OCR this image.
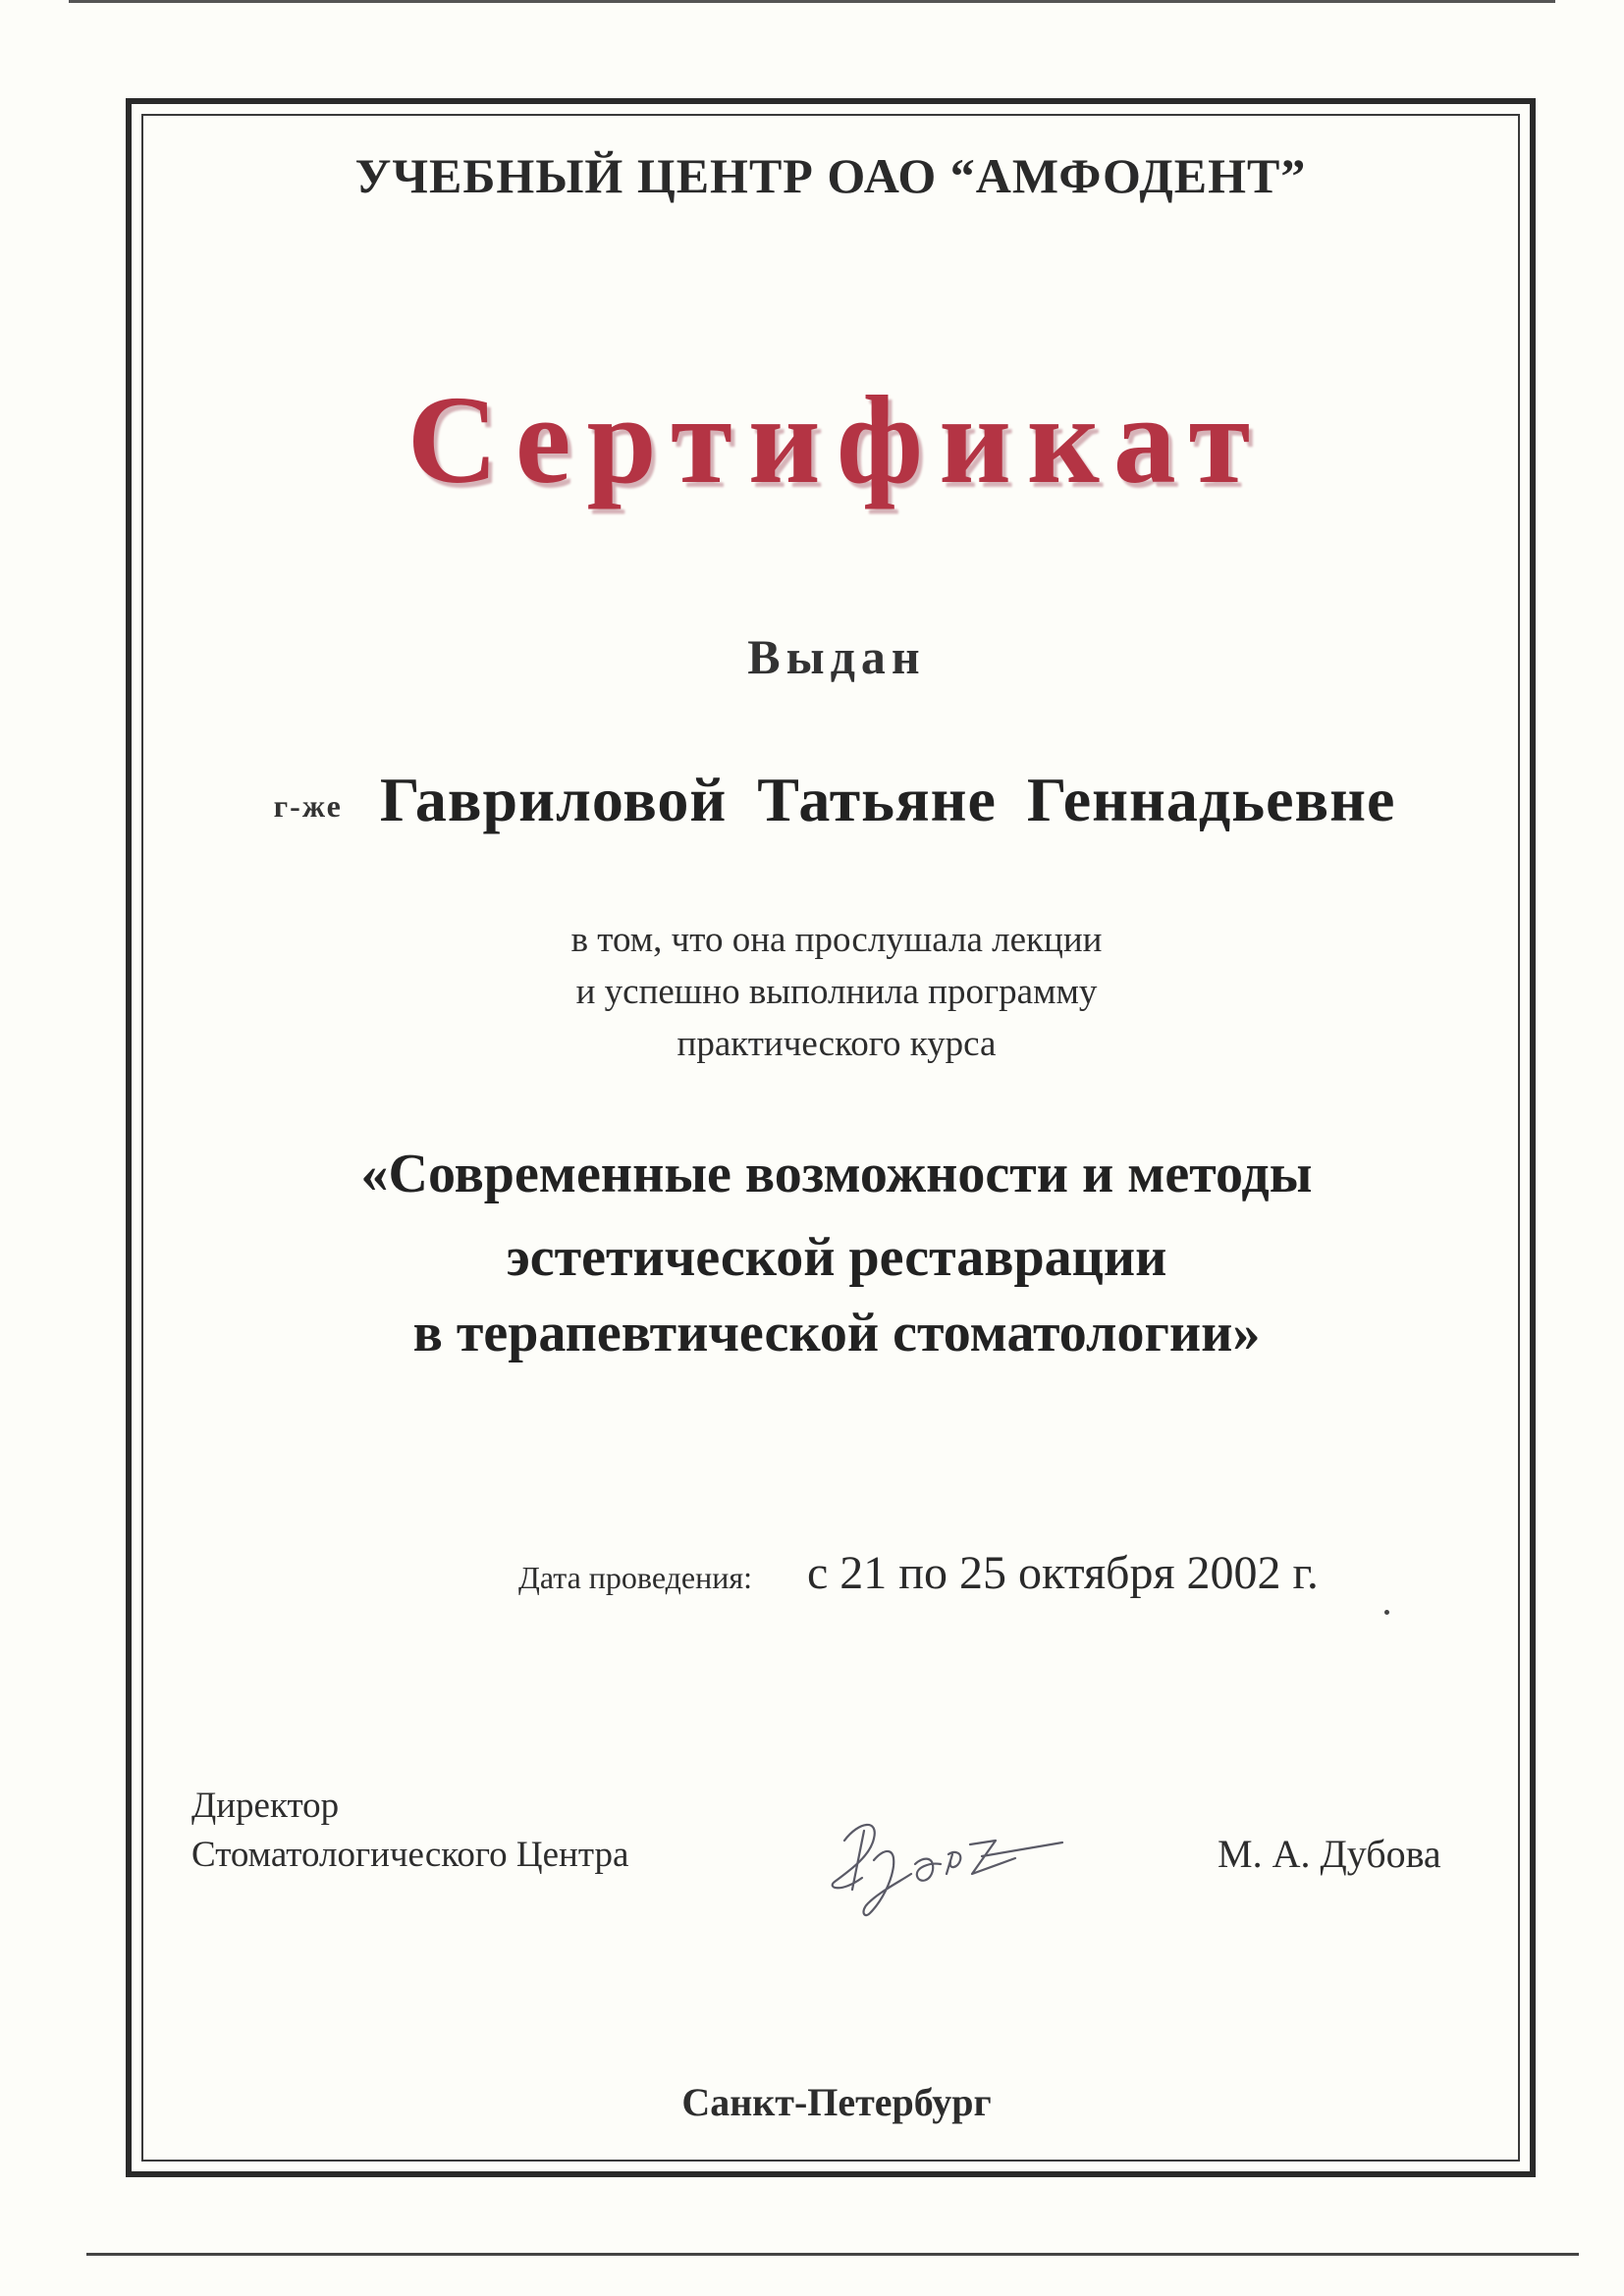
УЧЕБНЫЙ ЦЕНТР ОАО “АМФОДЕНТ”
Сертификат
Выдан
г-же Гавриловой Татьяне Геннадьевне
в том, что она прослушала лекции
и успешно выполнила программу
практического курса
«Современные возможности и методы
эстетической реставрации
в терапевтической стоматологии»
Дата проведения: с 21 по 25 октября 2002 г.
Директор
Стоматологического Центра	М. А. Дубова
Санкт-Петербург
